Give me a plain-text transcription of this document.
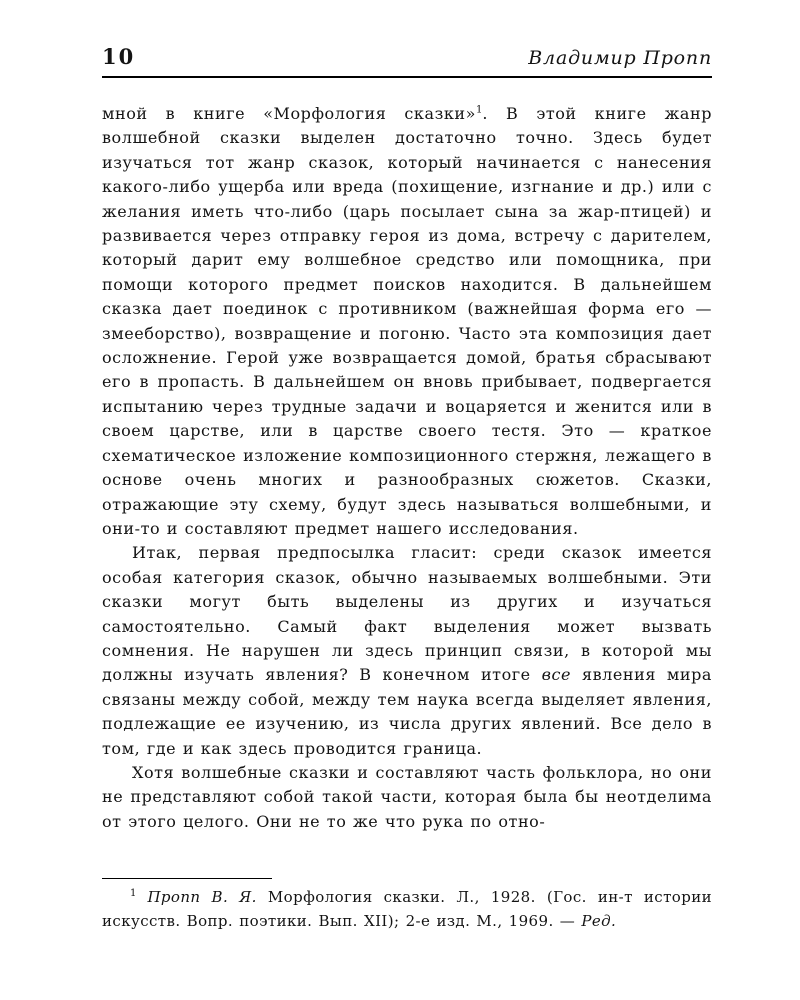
10	Владимир Пропп

мной в книге «Морфология сказки»$^1$. В этой книге жанр волшебной сказки выделен достаточно точно. Здесь будет изучаться тот жанр сказок, который начинается с нанесения какого-либо ущерба или вреда (похищение, изгнание и др.) или с желания иметь что-либо (царь посылает сына за жар-птицей) и развивается через отправку героя из дома, встречу с дарителем, который дарит ему волшебное средство или помощника, при помощи которого предмет поисков находится. В дальнейшем сказка дает поединок с противником (важнейшая форма его — змееборство), возвращение и погоню. Часто эта композиция дает осложнение. Герой уже возвращается домой, братья сбрасывают его в пропасть. В дальнейшем он вновь прибывает, подвергается испытанию через трудные задачи и воцаряется и женится или в своем царстве, или в царстве своего тестя. Это — краткое схематическое изложение композиционного стержня, лежащего в основе очень многих и разнообразных сюжетов. Сказки, отражающие эту схему, будут здесь называться волшебными, и они-то и составляют предмет нашего исследования.

Итак, первая предпосылка гласит: среди сказок имеется особая категория сказок, обычно называемых волшебными. Эти сказки могут быть выделены из других и изучаться самостоятельно. Самый факт выделения может вызвать сомнения. Не нарушен ли здесь принцип связи, в которой мы должны изучать явления? В конечном итоге все явления мира связаны между собой, между тем наука всегда выделяет явления, подлежащие ее изучению, из числа других явлений. Все дело в том, где и как здесь проводится граница.

Хотя волшебные сказки и составляют часть фольклора, но они не представляют собой такой части, которая была бы неотделима от этого целого. Они не то же что рука по отно-

$^1$ Пропп В. Я. Морфология сказки. Л., 1928. (Гос. ин-т истории искусств. Вопр. поэтики. Вып. XII); 2-е изд. М., 1969. — Ред.
